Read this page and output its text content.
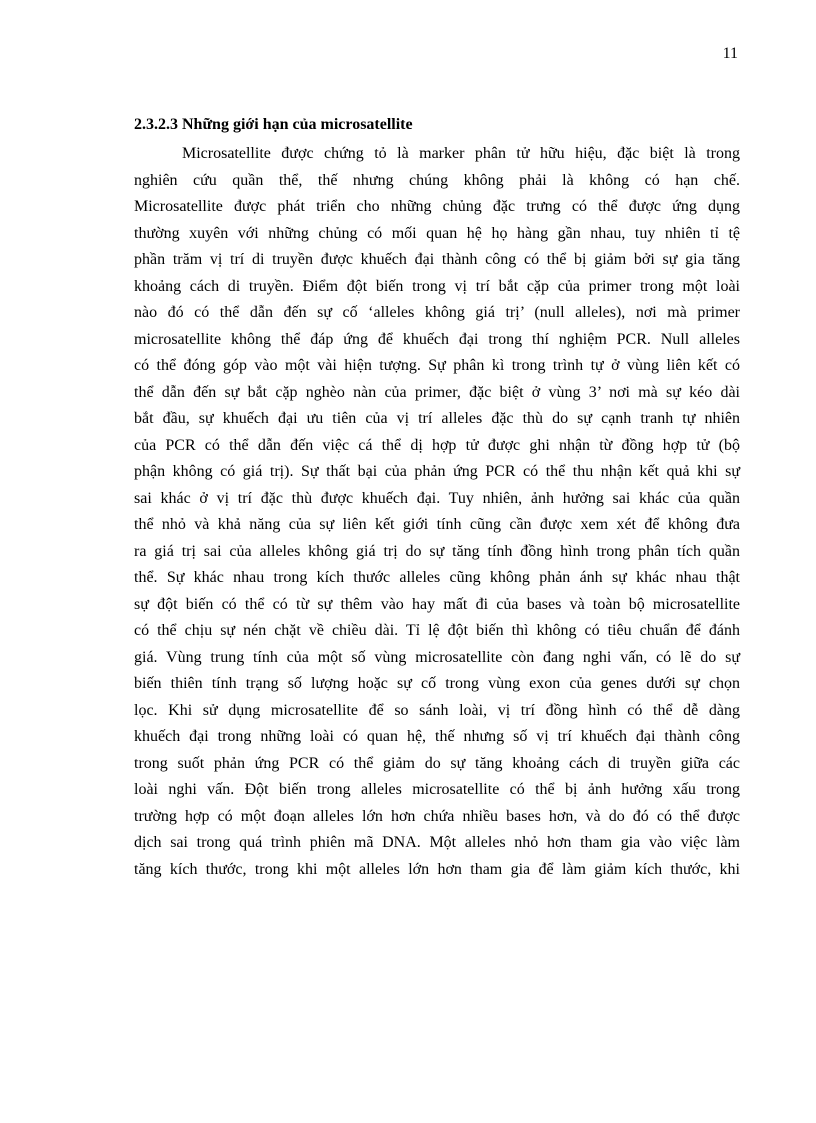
11
2.3.2.3 Những giới hạn của microsatellite
Microsatellite được chứng tỏ là marker phân tử hữu hiệu, đặc biệt là trong
nghiên cứu quần thể, thế nhưng chúng không phải là không có hạn chế.
Microsatellite được phát triển cho những chủng đặc trưng có thể được ứng dụng
thường xuyên với những chủng có mối quan hệ họ hàng gần nhau, tuy nhiên tỉ tệ
phần trăm vị trí di truyền được khuếch đại thành công có thể bị giảm bởi sự gia tăng
khoảng cách di truyền. Điểm đột biến trong vị trí bắt cặp của primer trong một loài
nào đó có thể dẫn đến sự cố ‘alleles không giá trị’ (null alleles), nơi mà primer
microsatellite không thể đáp ứng để khuếch đại trong thí nghiệm PCR. Null alleles
có thể đóng góp vào một vài hiện tượng. Sự phân kì trong trình tự ở vùng liên kết có
thể dẫn đến sự bắt cặp nghèo nàn của primer, đặc biệt ở vùng 3’ nơi mà sự kéo dài
bắt đầu, sự khuếch đại ưu tiên của vị trí alleles đặc thù do sự cạnh tranh tự nhiên
của PCR có thể dẫn đến việc cá thể dị hợp tử được ghi nhận từ đồng hợp tử (bộ
phận không có giá trị). Sự thất bại của phản ứng PCR có thể thu nhận kết quả khi sự
sai khác ở vị trí đặc thù được khuếch đại. Tuy nhiên, ảnh hưởng sai khác của quần
thể nhỏ và khả năng của sự liên kết giới tính cũng cần được xem xét để không đưa
ra giá trị sai của alleles không giá trị do sự tăng tính đồng hình trong phân tích quần
thể. Sự khác nhau trong kích thước alleles cũng không phản ánh sự khác nhau thật
sự đột biến có thể có từ sự thêm vào hay mất đi của bases và toàn bộ microsatellite
có thể chịu sự nén chặt về chiều dài. Tỉ lệ đột biến thì không có tiêu chuẩn để đánh
giá. Vùng trung tính của một số vùng microsatellite còn đang nghi vấn, có lẽ do sự
biến thiên tính trạng số lượng hoặc sự cố trong vùng exon của genes dưới sự chọn
lọc. Khi sử dụng microsatellite để so sánh loài, vị trí đồng hình có thể dễ dàng
khuếch đại trong những loài có quan hệ, thế nhưng số vị trí khuếch đại thành công
trong suốt phản ứng PCR có thể giảm do sự tăng khoảng cách di truyền giữa các
loài nghi vấn. Đột biến trong alleles microsatellite có thể bị ảnh hưởng xấu trong
trường hợp có một đoạn alleles lớn hơn chứa nhiều bases hơn, và do đó có thể được
dịch sai trong quá trình phiên mã DNA. Một alleles nhỏ hơn tham gia vào việc làm
tăng kích thước, trong khi một alleles lớn hơn tham gia để làm giảm kích thước, khi
